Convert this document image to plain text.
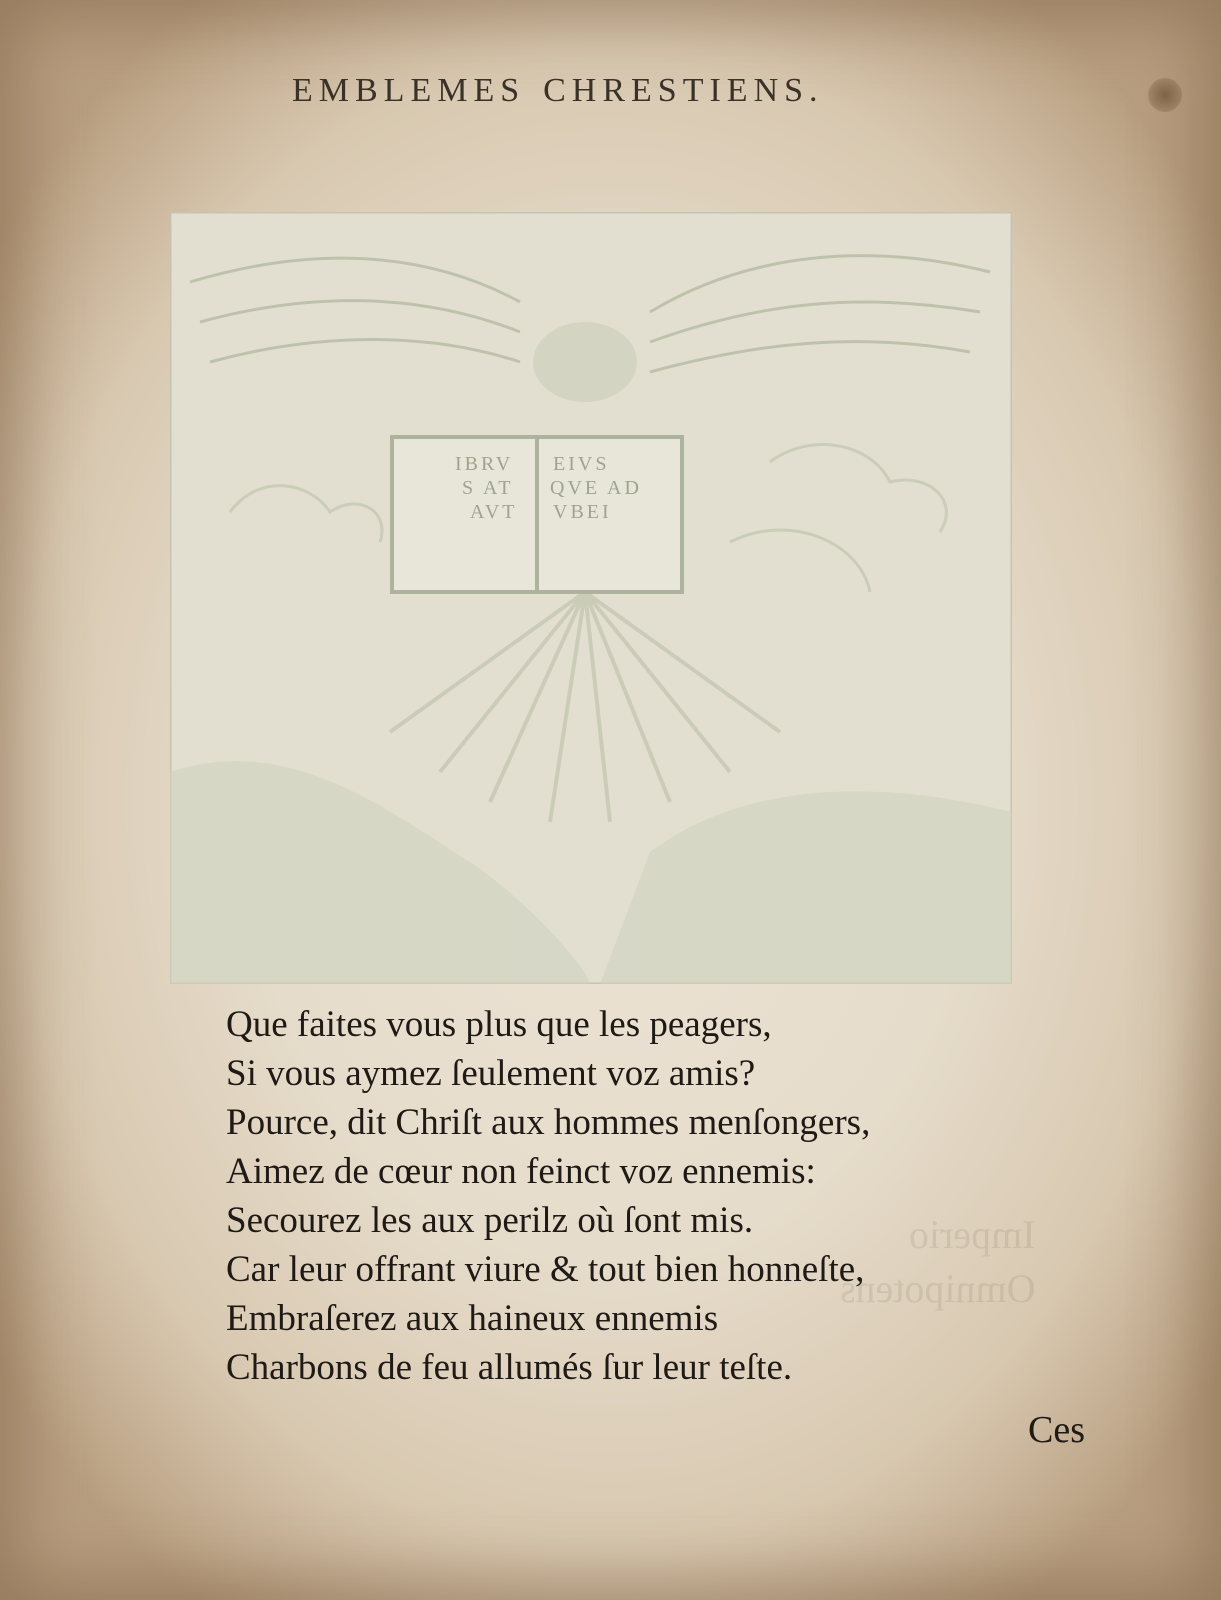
EMBLEMES CHRESTIENS.
IBRV
S AT
AVT
EIVS
QVE AD
VBEI
Imperio
Omnipotens
Que faites vous plus que les peagers,
Si vous aymez ſeulement voz amis?
Pource, dit Chriſt aux hommes menſongers,
Aimez de cœur non feinct voz ennemis:
Secourez les aux perilz où ſont mis.
Car leur offrant viure & tout bien honneſte,
Embraſerez aux haineux ennemis
Charbons de feu allumés ſur leur teſte.
Ces
